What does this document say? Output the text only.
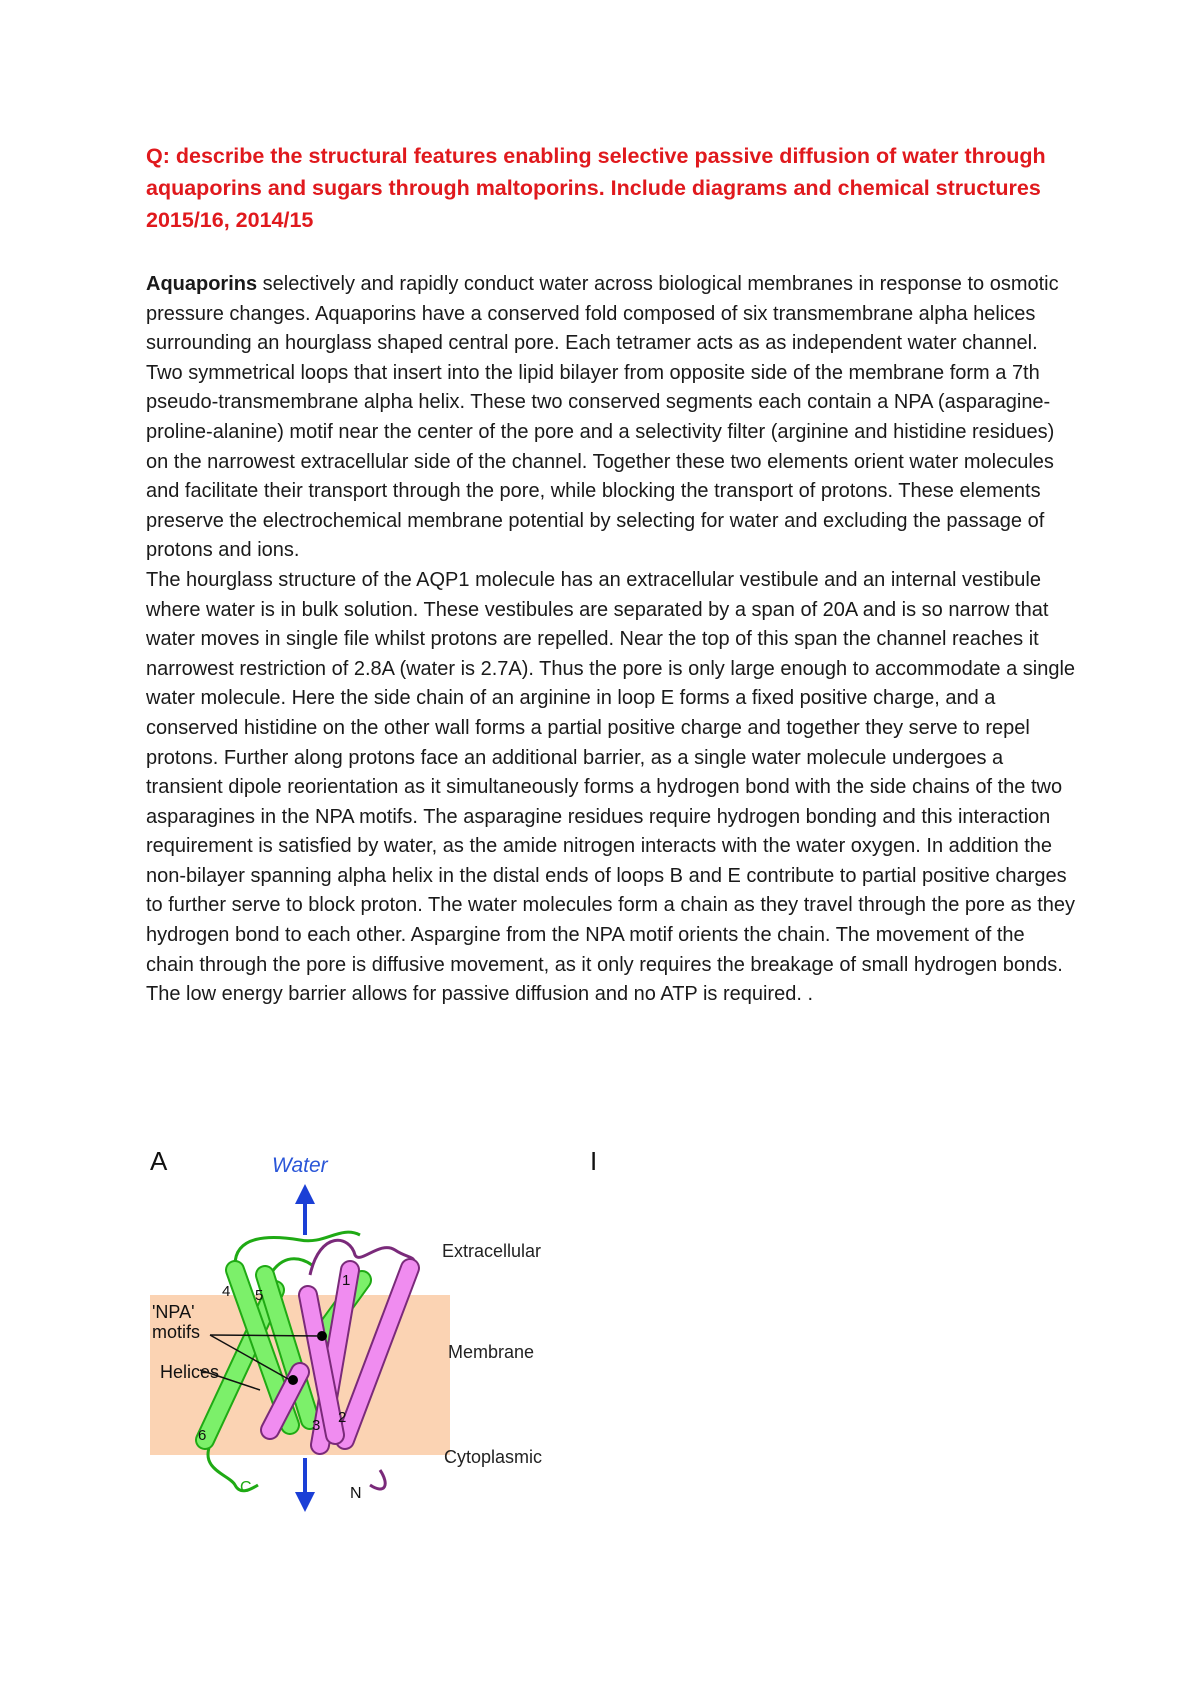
Q: describe the structural features enabling selective passive diffusion of water through aquaporins and sugars through maltoporins. Include diagrams and chemical structures
2015/16, 2014/15

Aquaporins selectively and rapidly conduct water across biological membranes in response to osmotic pressure changes. Aquaporins have a conserved fold composed of six transmembrane alpha helices surrounding an hourglass shaped central pore. Each tetramer acts as as independent water channel. Two symmetrical loops that insert into the lipid bilayer from opposite side of the membrane form a 7th pseudo-transmembrane alpha helix. These two conserved segments each contain a NPA (asparagine-proline-alanine) motif near the center of the pore and a selectivity filter (arginine and histidine residues) on the narrowest extracellular side of the channel. Together these two elements orient water molecules and facilitate their transport through the pore, while blocking the transport of protons. These elements preserve the electrochemical membrane potential by selecting for water and excluding the passage of protons and ions.

The hourglass structure of the AQP1 molecule has an extracellular vestibule and an internal vestibule where water is in bulk solution. These vestibules are separated by a span of 20A and is so narrow that water moves in single file whilst protons are repelled. Near the top of this span the channel reaches it narrowest restriction of 2.8A (water is 2.7A). Thus the pore is only large enough to accommodate a single water molecule. Here the side chain of an arginine in loop E forms a fixed positive charge, and a conserved histidine on the other wall forms a partial positive charge and together they serve to repel protons. Further along protons face an additional barrier, as a single water molecule undergoes a transient dipole reorientation as it simultaneously forms a hydrogen bond with the side chains of the two asparagines in the NPA motifs. The asparagine residues require hydrogen bonding and this interaction requirement is satisfied by water, as the amide nitrogen interacts with the water oxygen. In addition the non-bilayer spanning alpha helix in the distal ends of loops B and E contribute to partial positive charges to further serve to block proton. The water molecules form a chain as they travel through the pore as they hydrogen bond to each other. Aspargine from the NPA motif orients the chain. The movement of the chain through the pore is diffusive movement, as it only requires the breakage of small hydrogen bonds. The low energy barrier allows for passive diffusion and no ATP is required. .

A	I
Water
Extracellular
Membrane
Cytoplasmic
'NPA'
motifs
Helices
4 5
1
6
3 2
C	N
